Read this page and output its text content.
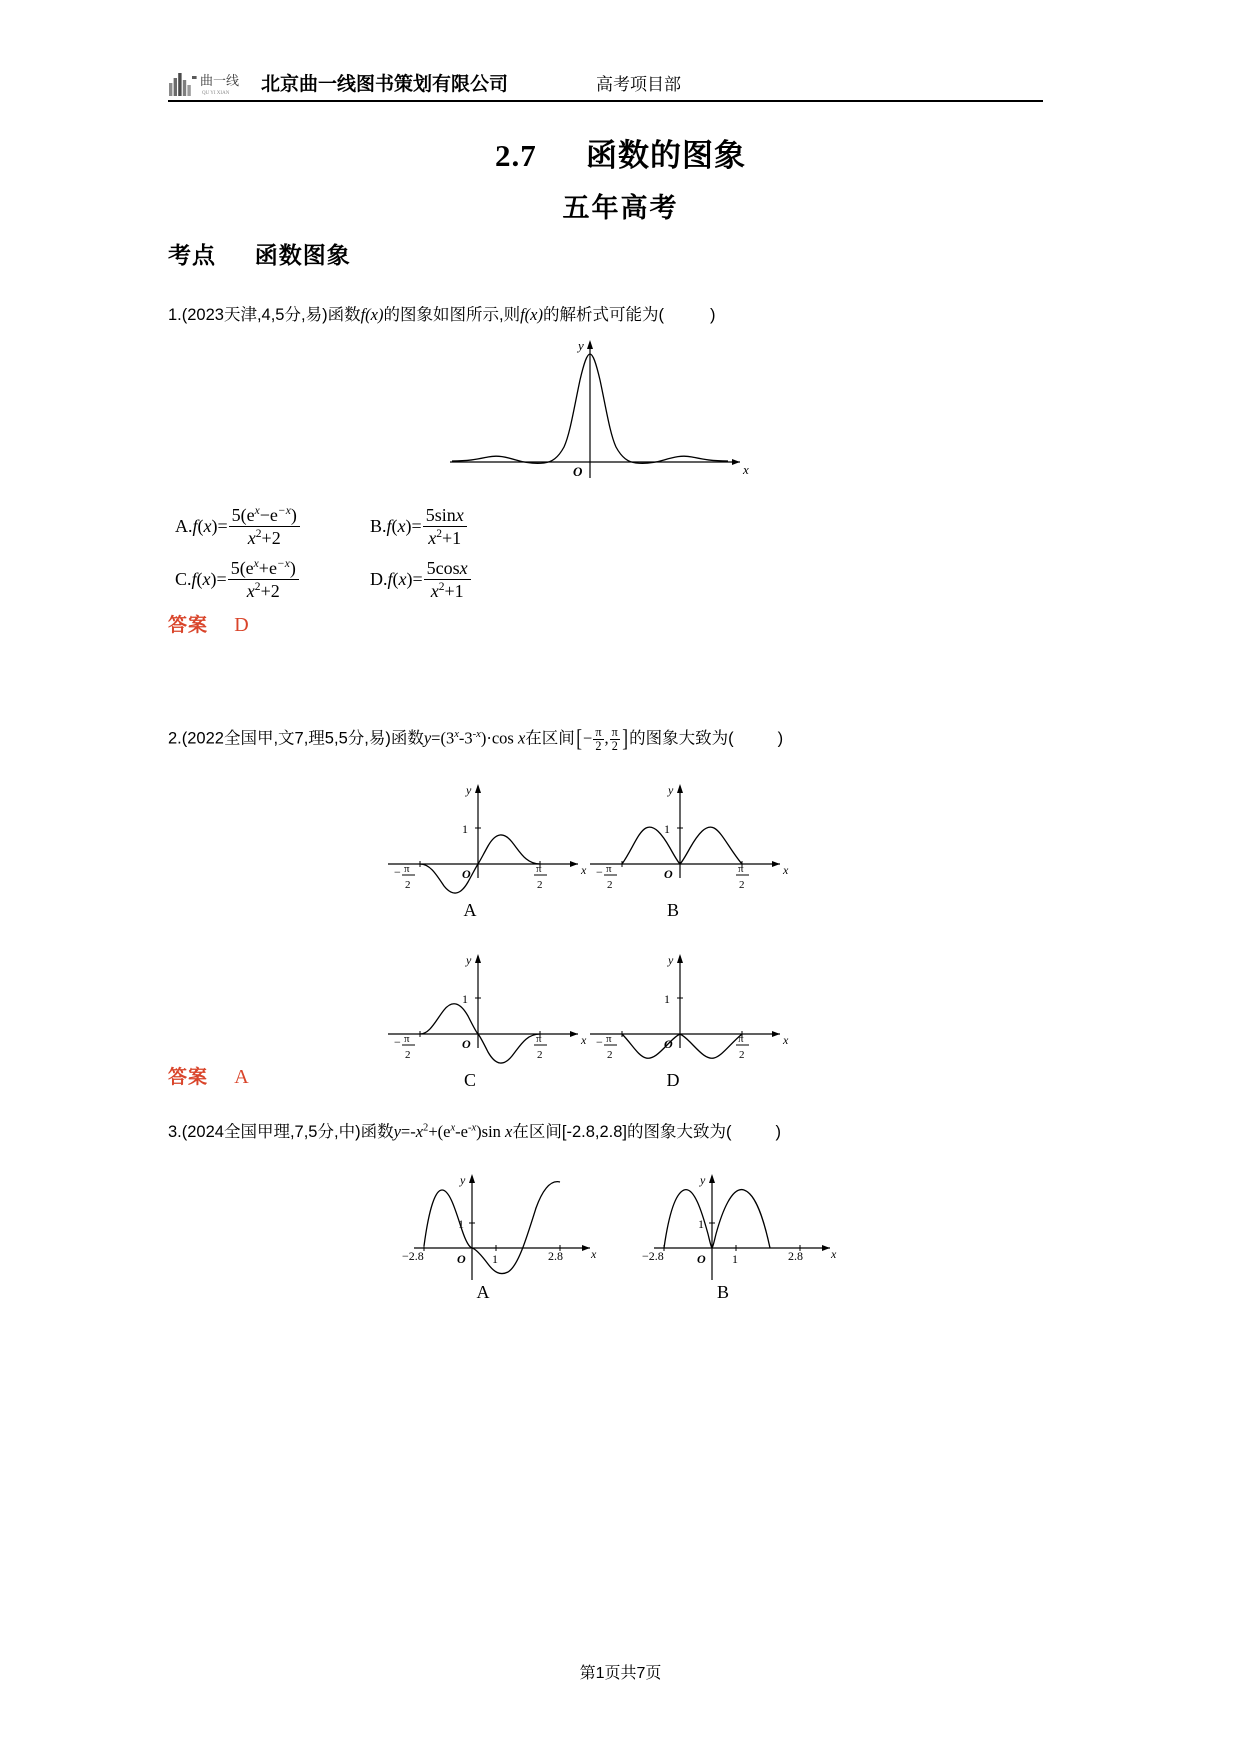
曲一线
QU YI XIAN 北京曲一线图书策划有限公司	高考项目部
2.7 函数的图象
五年高考
考点 函数图象
1.(2023天津,4,5分,易)函数f(x)的图象如图所示,则f(x)的解析式可能为(	)
y
x
O
A. f ( x )= $\frac{5(e^x-e^{-x})}{x^2+2}$	B. f ( x )= $\frac{5\sin x}{x^2+1}$
C. f ( x )= $\frac{5(e^x+e^{-x})}{x^2+2}$	D. f ( x )= $\frac{5\cos x}{x^2+1}$
答案 D
2.(2022全国甲,文7,理5,5分,易)函数$y=(3^x-3^{-x})\cdot\cos$ x在区间[− $\frac{\pi}{2}$ , $\frac{\pi}{2}$ ]的图象大致为(	)
y
x
O
1
− π
2
π
2
A
y
x
O
1
− π
2
π
2
B
y
x
O
1
− π
2
π
2
C
y
x
O
1
− π
2
π
2
D
答案 A
3.(2024全国甲理,7,5分,中)函数$y=-x^2+(e^x-e^{-x})\sin$ x在区间[-2.8,2.8]的图象大致为(	)
y
x
O
1
1
−2.8	2.8
A
y
x
O
1
1
−2.8	2.8
B
第1页共7页
